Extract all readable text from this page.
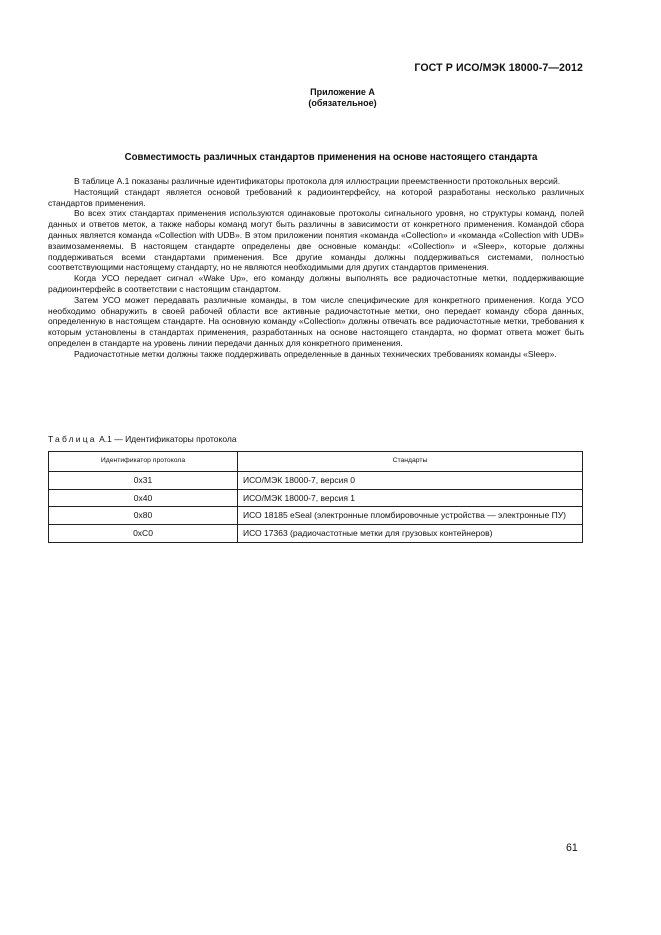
ГОСТ Р ИСО/МЭК 18000-7—2012
Приложение А
(обязательное)
Совместимость различных стандартов применения на основе настоящего стандарта

В таблице А.1 показаны различные идентификаторы протокола для иллюстрации преемственности протокольных версий.

Настоящий стандарт является основой требований к радиоинтерфейсу, на которой разработаны несколько различных стандартов применения.

Во всех этих стандартах применения используются одинаковые протоколы сигнального уровня, но структуры команд, полей данных и ответов меток, а также наборы команд могут быть различны в зависимости от конкретного применения. Командой сбора данных является команда «Collection with UDB». В этом приложении понятия «команда «Collection» и «команда «Collection with UDB» взаимозаменяемы. В настоящем стандарте определены две основные команды: «Collection» и «Sleep», которые должны поддерживаться всеми стандартами применения. Все другие команды должны поддерживаться системами, полностью соответствующими настоящему стандарту, но не являются необходимыми для других стандартов применения.

Когда УСО передает сигнал «Wake Up», его команду должны выполнять все радиочастотные метки, поддерживающие радиоинтерфейс в соответствии с настоящим стандартом.

Затем УСО может передавать различные команды, в том числе специфические для конкретного применения. Когда УСО необходимо обнаружить в своей рабочей области все активные радиочастотные метки, оно передает команду сбора данных, определенную в настоящем стандарте. На основную команду «Collection» должны отвечать все радиочастотные метки, требования к которым установлены в стандартах применения, разработанных на основе настоящего стандарта, но формат ответа может быть определен в стандарте на уровень линии передачи данных для конкретного применения.

Радиочастотные метки должны также поддерживать определенные в данных технических требованиях команды «Sleep».

Таблица А.1 — Идентификаторы протокола
Идентификатор протокола	Стандарты
0x31	ИСО/МЭК 18000-7, версия 0
0x40	ИСО/МЭК 18000-7, версия 1
0x80	ИСО 18185 eSeal (электронные пломбировочные устройства — электронные ПУ)
0xC0	ИСО 17363 (радиочастотные метки для грузовых контейнеров)
61
